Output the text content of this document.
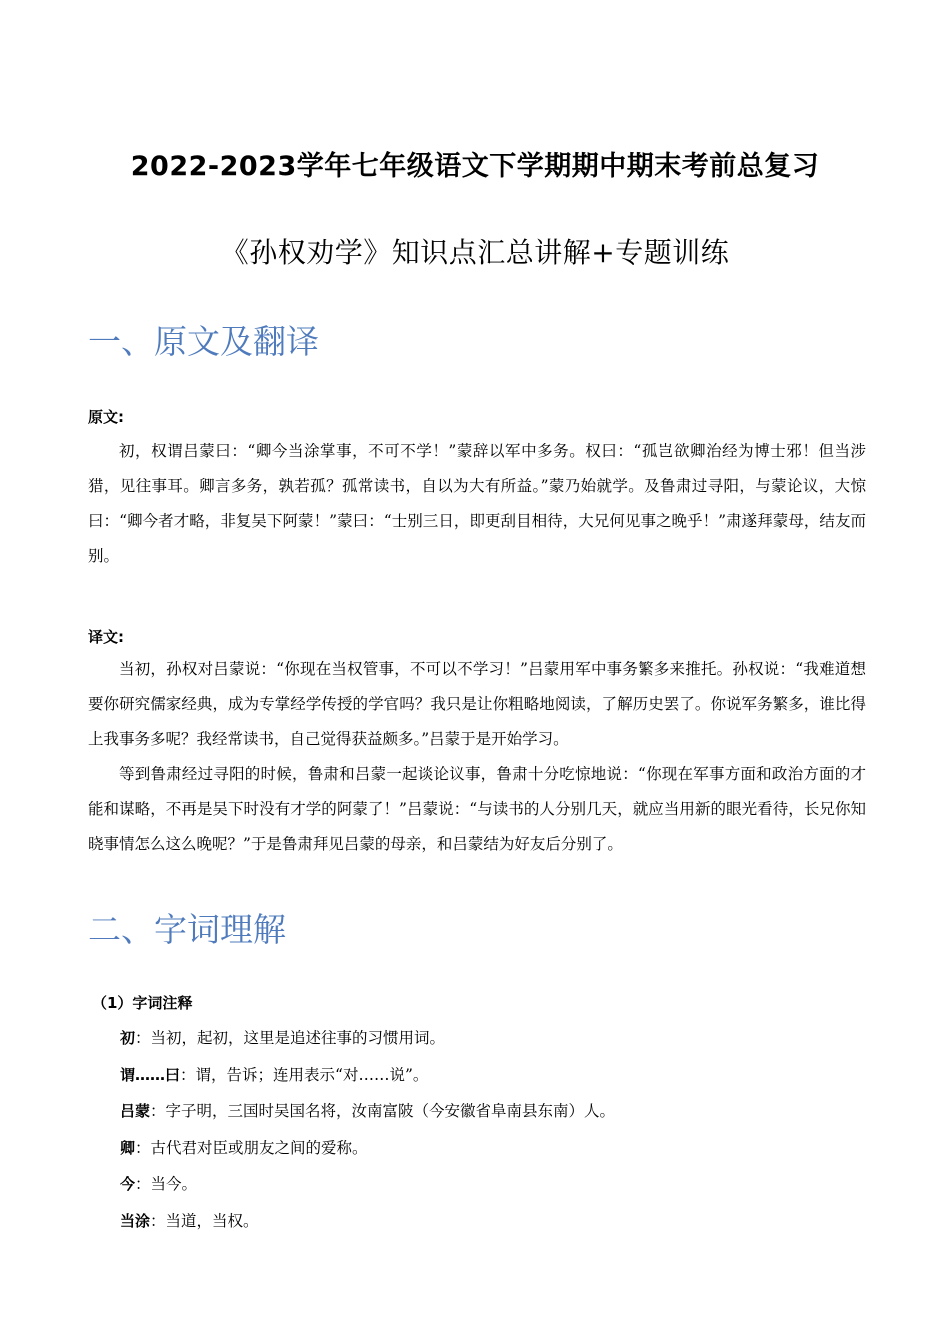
2022-2023学年七年级语文下学期期中期末考前总复习
《孙权劝学》知识点汇总讲解+专题训练
一、原文及翻译
原文:

初，权谓吕蒙曰：“卿今当涂掌事，不可不学！”蒙辞以军中多务。权曰：“孤岂欲卿治经为博士邪！但当涉猎，见往事耳。卿言多务，孰若孤？孤常读书，自以为大有所益。”蒙乃始就学。及鲁肃过寻阳，与蒙论议，大惊曰：“卿今者才略，非复吴下阿蒙！”蒙曰：“士别三日，即更刮目相待，大兄何见事之晚乎！”肃遂拜蒙母，结友而别。

译文:

当初，孙权对吕蒙说：“你现在当权管事，不可以不学习！”吕蒙用军中事务繁多来推托。孙权说：“我难道想要你研究儒家经典，成为专掌经学传授的学官吗？我只是让你粗略地阅读，了解历史罢了。你说军务繁多，谁比得上我事务多呢？我经常读书，自己觉得获益颇多。”吕蒙于是开始学习。

等到鲁肃经过寻阳的时候，鲁肃和吕蒙一起谈论议事，鲁肃十分吃惊地说：“你现在军事方面和政治方面的才能和谋略，不再是吴下时没有才学的阿蒙了！”吕蒙说：“与读书的人分别几天，就应当用新的眼光看待，长兄你知晓事情怎么这么晚呢？”于是鲁肃拜见吕蒙的母亲，和吕蒙结为好友后分别了。

二、字词理解
（1）字词注释
初：当初，起初，这里是追述往事的习惯用词。
谓……曰：谓，告诉；连用表示“对……说”。
吕蒙：字子明，三国时吴国名将，汝南富陂（今安徽省阜南县东南）人。
卿：古代君对臣或朋友之间的爱称。
今：当今。
当涂：当道，当权。
